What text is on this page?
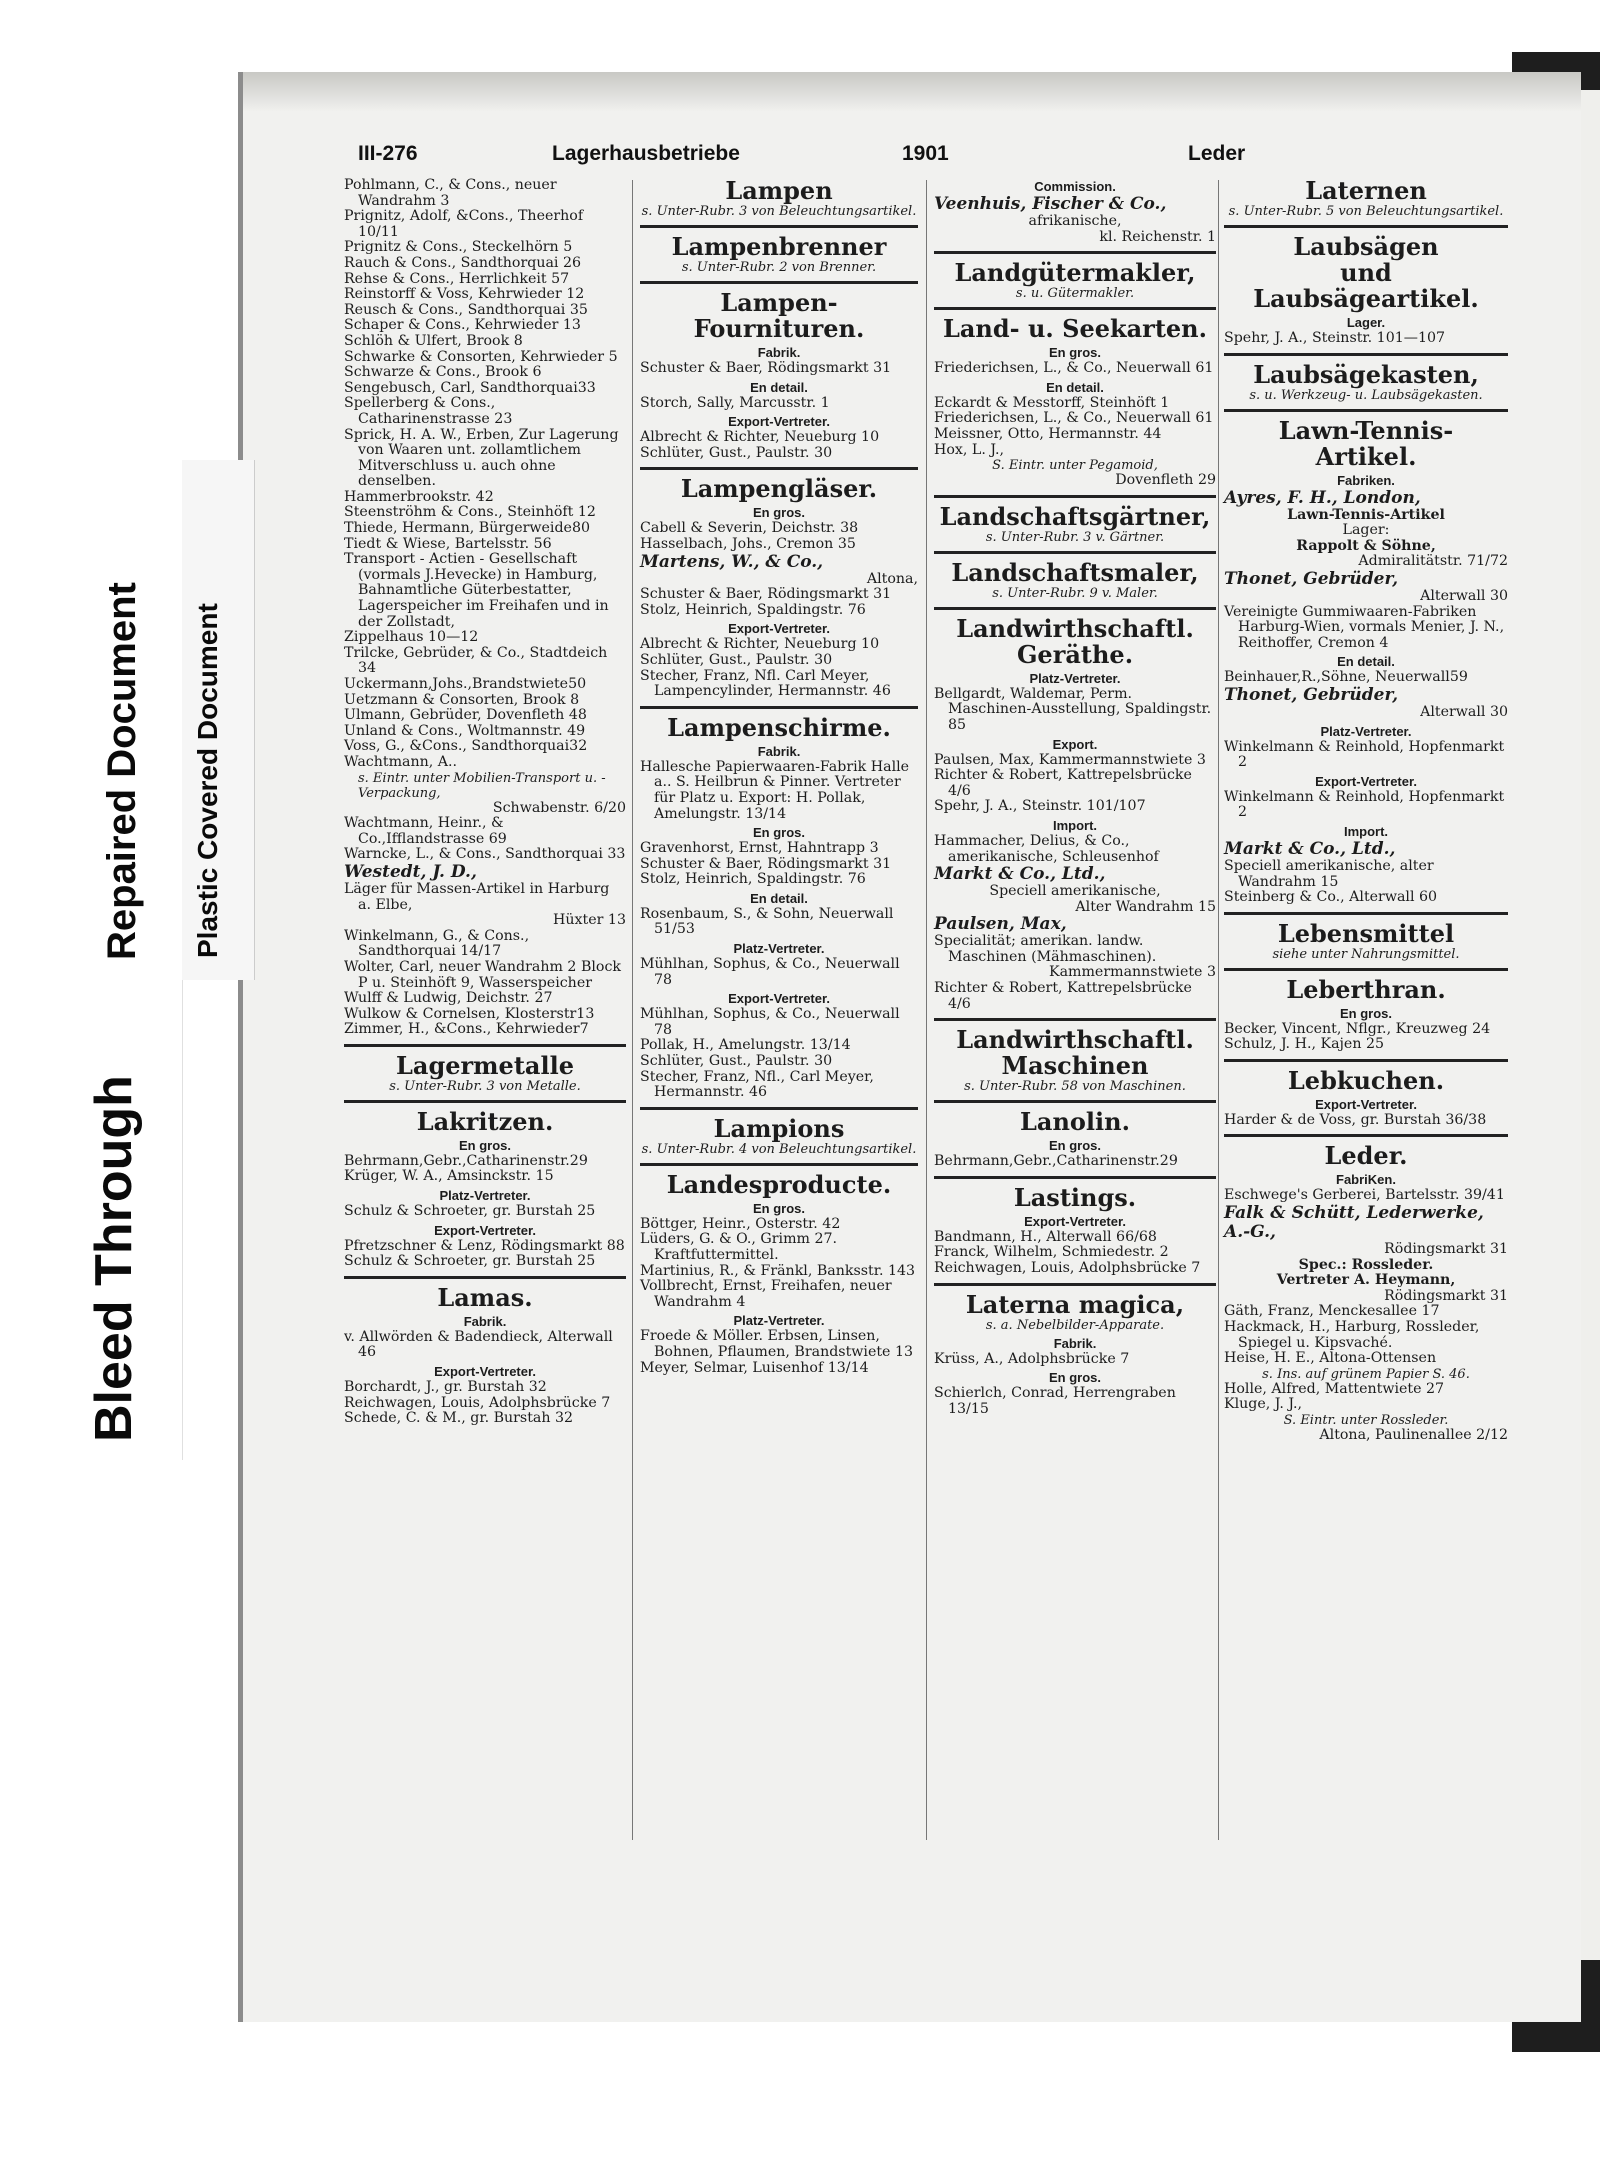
Bleed Through
Repaired Document Plastic Covered Document
III-276	Lagerhausbetriebe	1901	Leder
Pohlmann, C., & Cons., neuer Wandrahm 3
Prignitz, Adolf, &Cons., Theerhof 10/11
Prignitz & Cons., Steckelhörn 5
Rauch & Cons., Sandthorquai 26
Rehse & Cons., Herrlichkeit 57
Reinstorff & Voss, Kehrwieder 12
Reusch & Cons., Sandthorquai 35
Schaper & Cons., Kehrwieder 13
Schlöh & Ulfert, Brook 8
Schwarke & Consorten, Kehrwieder 5
Schwarze & Cons., Brook 6
Sengebusch, Carl, Sandthorquai33
Spellerberg & Cons., Catharinenstrasse 23
Sprick, H. A. W., Erben, Zur Lagerung von Waaren unt. zollamtlichem Mitverschluss u. auch ohne denselben.
Hammerbrookstr. 42
Steenströhm & Cons., Steinhöft 12
Thiede, Hermann, Bürgerweide80
Tiedt & Wiese, Bartelsstr. 56
Transport - Actien - Gesellschaft (vormals J.Hevecke) in Hamburg, Bahnamtliche Güterbestatter, Lagerspeicher im Freihafen und in der Zollstadt,
Zippelhaus 10—12
Trilcke, Gebrüder, & Co., Stadtdeich 34
Uckermann,Johs.,Brandstwiete50
Uetzmann & Consorten, Brook 8
Ulmann, Gebrüder, Dovenfleth 48
Unland & Cons., Woltmannstr. 49
Voss, G., &Cons., Sandthorquai32
Wachtmann, A..
s. Eintr. unter Mobilien-Transport u. -Verpackung,
Schwabenstr. 6/20
Wachtmann, Heinr., & Co.,Ifflandstrasse 69
Warncke, L., & Cons., Sandthorquai 33
Westedt, J. D.,
Läger für Massen-Artikel in Harburg a. Elbe,
Hüxter 13
Winkelmann, G., & Cons., Sandthorquai 14/17
Wolter, Carl, neuer Wandrahm 2 Block P u. Steinhöft 9, Wasserspeicher
Wulff & Ludwig, Deichstr. 27
Wulkow & Cornelsen, Klosterstr13
Zimmer, H., &Cons., Kehrwieder7
Lagermetalle
s. Unter-Rubr. 3 von Metalle.
Lakritzen.
En gros.
Behrmann,Gebr.,Catharinenstr.29
Krüger, W. A., Amsinckstr. 15
Platz-Vertreter.
Schulz & Schroeter, gr. Burstah 25
Export-Vertreter.
Pfretzschner & Lenz, Rödingsmarkt 88
Schulz & Schroeter, gr. Burstah 25
Lamas.
Fabrik.
v. Allwörden & Badendieck, Alterwall 46
Export-Vertreter.
Borchardt, J., gr. Burstah 32
Reichwagen, Louis, Adolphsbrücke 7
Schede, C. & M., gr. Burstah 32
Lampen
s. Unter-Rubr. 3 von Beleuchtungsartikel.
Lampenbrenner
s. Unter-Rubr. 2 von Brenner.
Lampen-
Fournituren.
Fabrik.
Schuster & Baer, Rödingsmarkt 31
En detail.
Storch, Sally, Marcusstr. 1
Export-Vertreter.
Albrecht & Richter, Neueburg 10
Schlüter, Gust., Paulstr. 30
Lampengläser.
En gros.
Cabell & Severin, Deichstr. 38
Hasselbach, Johs., Cremon 35
Martens, W., & Co.,
Altona,
Schuster & Baer, Rödingsmarkt 31
Stolz, Heinrich, Spaldingstr. 76
Export-Vertreter.
Albrecht & Richter, Neueburg 10
Schlüter, Gust., Paulstr. 30
Stecher, Franz, Nfl. Carl Meyer, Lampencylinder, Hermannstr. 46
Lampenschirme.
Fabrik.
Hallesche Papierwaaren-Fabrik Halle a.. S. Heilbrun & Pinner. Vertreter für Platz u. Export: H. Pollak, Amelungstr. 13/14
En gros.
Gravenhorst, Ernst, Hahntrapp 3
Schuster & Baer, Rödingsmarkt 31
Stolz, Heinrich, Spaldingstr. 76
En detail.
Rosenbaum, S., & Sohn, Neuerwall 51/53
Platz-Vertreter.
Mühlhan, Sophus, & Co., Neuerwall 78
Export-Vertreter.
Mühlhan, Sophus, & Co., Neuerwall 78
Pollak, H., Amelungstr. 13/14
Schlüter, Gust., Paulstr. 30
Stecher, Franz, Nfl., Carl Meyer, Hermannstr. 46
Lampions
s. Unter-Rubr. 4 von Beleuchtungsartikel.
Landesproducte.
En gros.
Böttger, Heinr., Osterstr. 42
Lüders, G. & O., Grimm 27. Kraftfuttermittel.
Martinius, R., & Fränkl, Banksstr. 143
Vollbrecht, Ernst, Freihafen, neuer Wandrahm 4
Platz-Vertreter.
Froede & Möller. Erbsen, Linsen, Bohnen, Pflaumen, Brandstwiete 13
Meyer, Selmar, Luisenhof 13/14
Commission.
Veenhuis, Fischer & Co.,
afrikanische,
kl. Reichenstr. 1
Landgütermakler,
s. u. Gütermakler.
Land- u. Seekarten.
En gros.
Friederichsen, L., & Co., Neuerwall 61
En detail.
Eckardt & Messtorff, Steinhöft 1
Friederichsen, L., & Co., Neuerwall 61
Meissner, Otto, Hermannstr. 44
Hox, L. J.,
S. Eintr. unter Pegamoid,
Dovenfleth 29
Landschaftsgärtner,
s. Unter-Rubr. 3 v. Gärtner.
Landschaftsmaler,
s. Unter-Rubr. 9 v. Maler.
Landwirthschaftl.
Geräthe.
Platz-Vertreter.
Bellgardt, Waldemar, Perm. Maschinen-Ausstellung, Spaldingstr. 85
Export.
Paulsen, Max, Kammermannstwiete 3
Richter & Robert, Kattrepelsbrücke 4/6
Spehr, J. A., Steinstr. 101/107
Import.
Hammacher, Delius, & Co., amerikanische, Schleusenhof
Markt & Co., Ltd.,
Speciell amerikanische,
Alter Wandrahm 15
Paulsen, Max,
Specialität; amerikan. landw. Maschinen (Mähmaschinen).
Kammermannstwiete 3
Richter & Robert, Kattrepelsbrücke 4/6
Landwirthschaftl.
Maschinen
s. Unter-Rubr. 58 von Maschinen.
Lanolin.
En gros.
Behrmann,Gebr.,Catharinenstr.29
Lastings.
Export-Vertreter.
Bandmann, H., Alterwall 66/68
Franck, Wilhelm, Schmiedestr. 2
Reichwagen, Louis, Adolphsbrücke 7
Laterna magica,
s. a. Nebelbilder-Apparate.
Fabrik.
Krüss, A., Adolphsbrücke 7
En gros.
Schierlch, Conrad, Herrengraben 13/15
Laternen
s. Unter-Rubr. 5 von Beleuchtungsartikel.
Laubsägen
und Laubsägeartikel.
Lager.
Spehr, J. A., Steinstr. 101—107
Laubsägekasten,
s. u. Werkzeug- u. Laubsägekasten.
Lawn-Tennis-
Artikel.
Fabriken.
Ayres, F. H., London,
Lawn-Tennis-Artikel
Lager:
Rappolt & Söhne,
Admiralitätstr. 71/72
Thonet, Gebrüder,
Alterwall 30
Vereinigte Gummiwaaren-Fabriken Harburg-Wien, vormals Menier, J. N., Reithoffer, Cremon 4
En detail.
Beinhauer,R.,Söhne, Neuerwall59
Thonet, Gebrüder,
Alterwall 30
Platz-Vertreter.
Winkelmann & Reinhold, Hopfenmarkt 2
Export-Vertreter.
Winkelmann & Reinhold, Hopfenmarkt 2
Import.
Markt & Co., Ltd.,
Speciell amerikanische, alter Wandrahm 15
Steinberg & Co., Alterwall 60
Lebensmittel
siehe unter Nahrungsmittel.
Leberthran.
En gros.
Becker, Vincent, Nflgr., Kreuzweg 24
Schulz, J. H., Kajen 25
Lebkuchen.
Export-Vertreter.
Harder & de Voss, gr. Burstah 36/38
Leder.
FabriKen.
Eschwege's Gerberei, Bartelsstr. 39/41
Falk & Schütt, Lederwerke, A.-G.,
Rödingsmarkt 31
Spec.: Rossleder.
Vertreter A. Heymann,
Rödingsmarkt 31
Gäth, Franz, Menckesallee 17
Hackmack, H., Harburg, Rossleder, Spiegel u. Kipsvaché.
Heise, H. E., Altona-Ottensen
s. Ins. auf grünem Papier S. 46.
Holle, Alfred, Mattentwiete 27
Kluge, J. J.,
S. Eintr. unter Rossleder.
Altona, Paulinenallee 2/12
